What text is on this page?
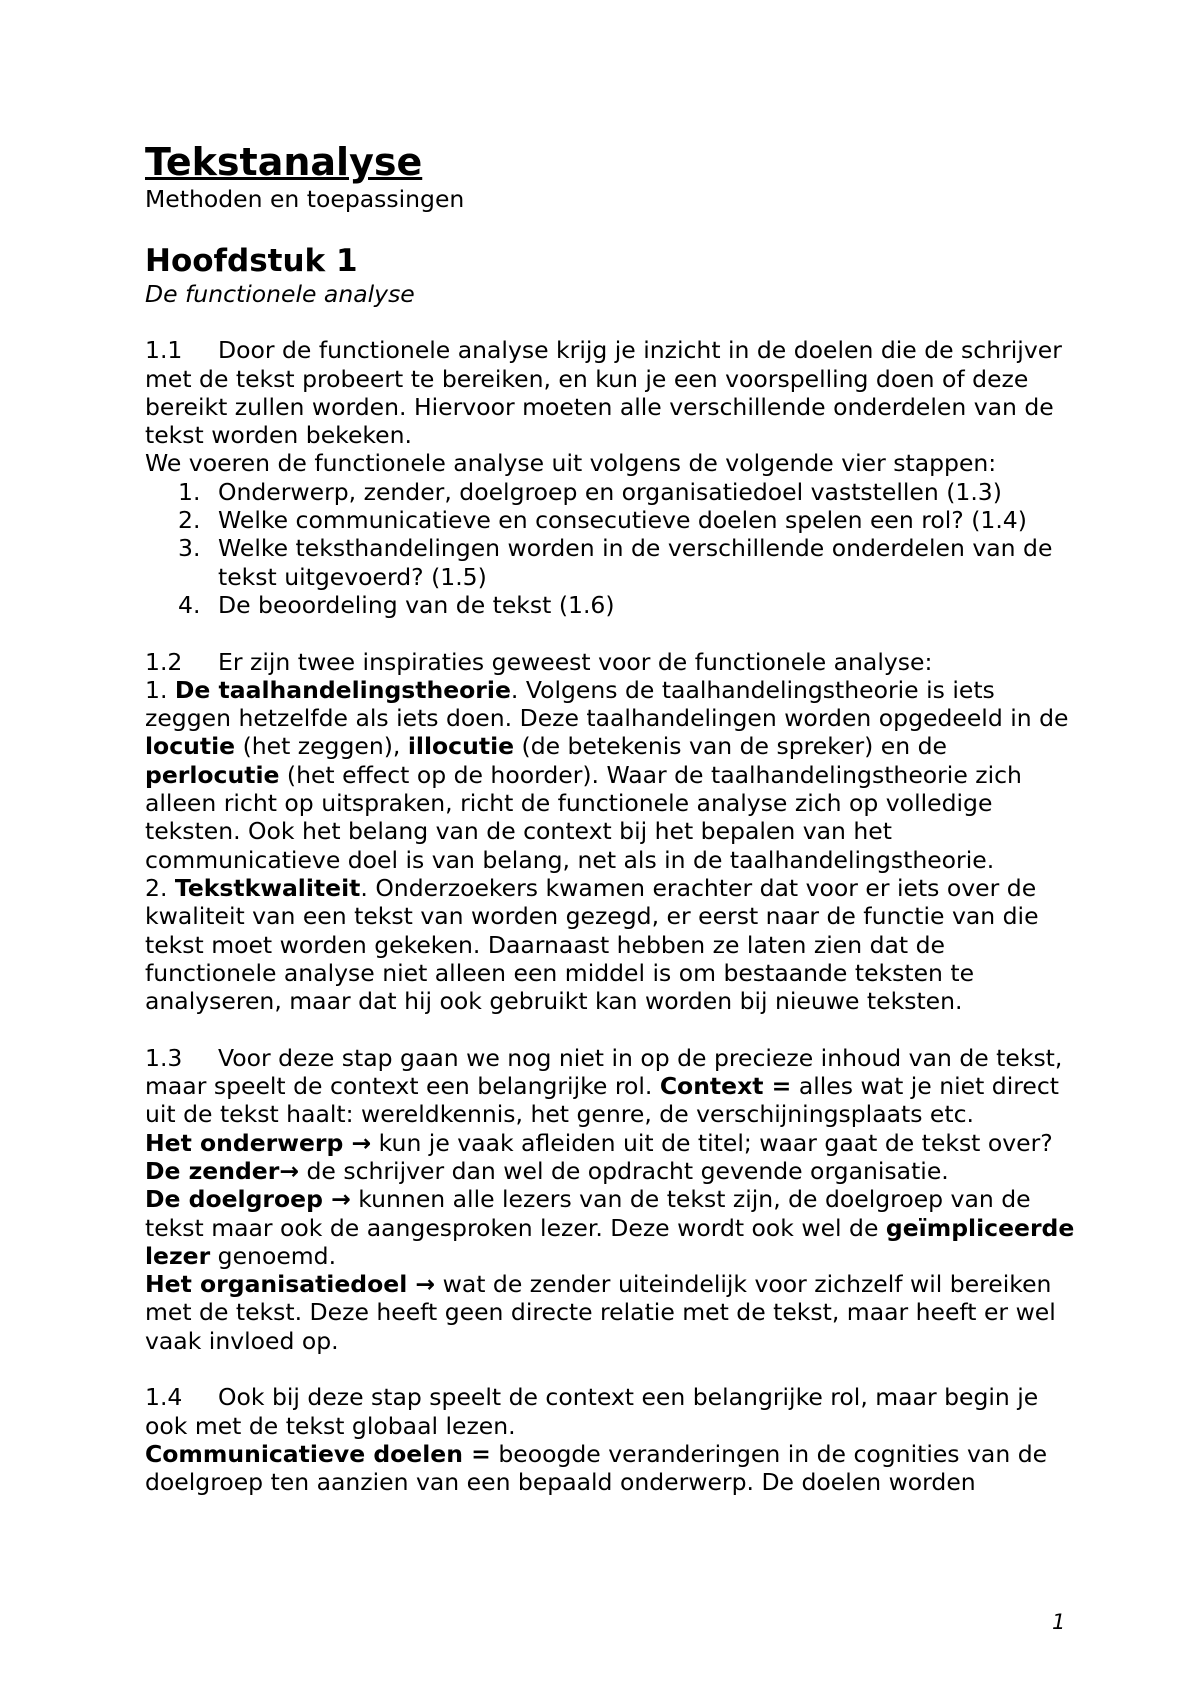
Tekstanalyse

Methoden en toepassingen

Hoofdstuk 1

De functionele analyse

1.1 Door de functionele analyse krijg je inzicht in de doelen die de schrijver met de tekst probeert te bereiken, en kun je een voorspelling doen of deze bereikt zullen worden. Hiervoor moeten alle verschillende onderdelen van de tekst worden bekeken.

We voeren de functionele analyse uit volgens de volgende vier stappen:

1. Onderwerp, zender, doelgroep en organisatiedoel vaststellen (1.3)
2. Welke communicatieve en consecutieve doelen spelen een rol? (1.4)
3. Welke teksthandelingen worden in de verschillende onderdelen van de tekst uitgevoerd? (1.5)
4. De beoordeling van de tekst (1.6)

1.2 Er zijn twee inspiraties geweest voor de functionele analyse:

1. De taalhandelingstheorie. Volgens de taalhandelingstheorie is iets zeggen hetzelfde als iets doen. Deze taalhandelingen worden opgedeeld in de locutie (het zeggen), illocutie (de betekenis van de spreker) en de perlocutie (het effect op de hoorder). Waar de taalhandelingstheorie zich alleen richt op uitspraken, richt de functionele analyse zich op volledige teksten. Ook het belang van de context bij het bepalen van het communicatieve doel is van belang, net als in de taalhandelingstheorie.

2. Tekstkwaliteit. Onderzoekers kwamen erachter dat voor er iets over de kwaliteit van een tekst van worden gezegd, er eerst naar de functie van die tekst moet worden gekeken. Daarnaast hebben ze laten zien dat de functionele analyse niet alleen een middel is om bestaande teksten te analyseren, maar dat hij ook gebruikt kan worden bij nieuwe teksten.

1.3 Voor deze stap gaan we nog niet in op de precieze inhoud van de tekst, maar speelt de context een belangrijke rol. Context = alles wat je niet direct uit de tekst haalt: wereldkennis, het genre, de verschijningsplaats etc.

Het onderwerp → kun je vaak afleiden uit de titel; waar gaat de tekst over?

De zender→ de schrijver dan wel de opdracht gevende organisatie.

De doelgroep → kunnen alle lezers van de tekst zijn, de doelgroep van de tekst maar ook de aangesproken lezer. Deze wordt ook wel de geïmpliceerde lezer genoemd.

Het organisatiedoel → wat de zender uiteindelijk voor zichzelf wil bereiken met de tekst. Deze heeft geen directe relatie met de tekst, maar heeft er wel vaak invloed op.

1.4 Ook bij deze stap speelt de context een belangrijke rol, maar begin je ook met de tekst globaal lezen.

Communicatieve doelen = beoogde veranderingen in de cognities van de doelgroep ten aanzien van een bepaald onderwerp. De doelen worden

1
